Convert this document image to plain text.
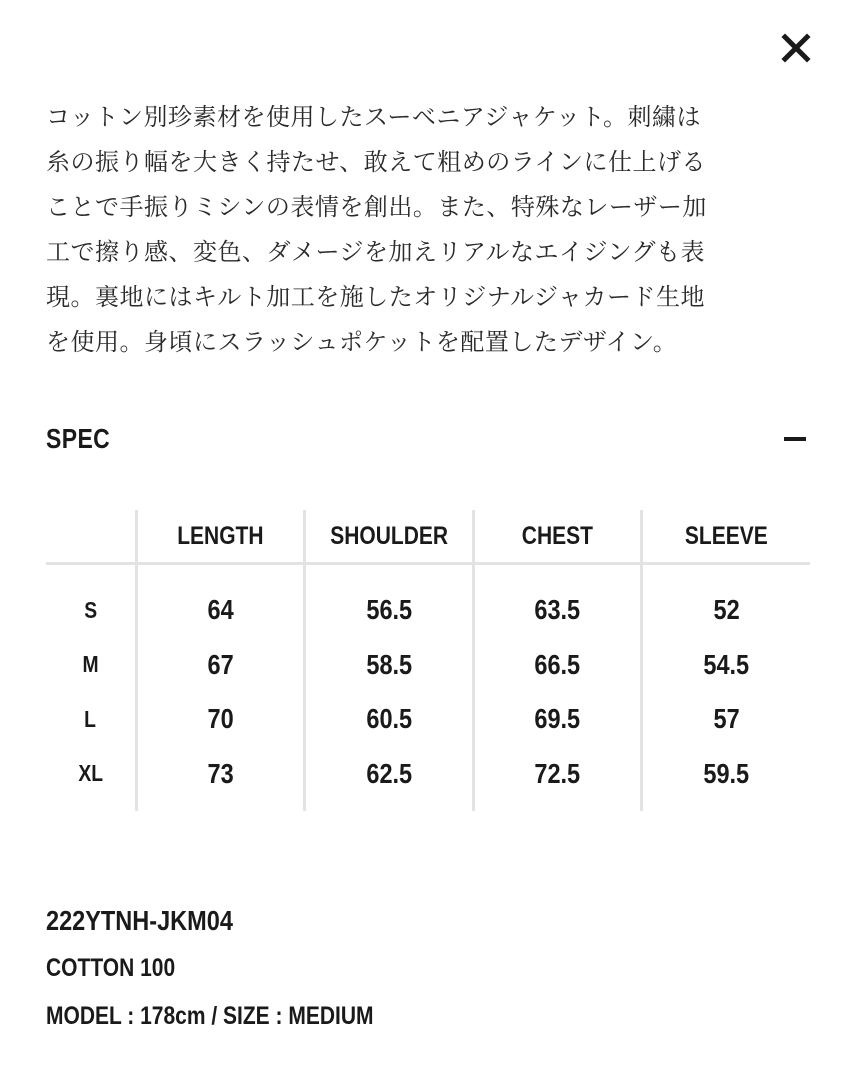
コットン別珍素材を使用したスーベニアジャケット。刺繍は
糸の振り幅を大きく持たせ、敢えて粗めのラインに仕上げる
ことで手振りミシンの表情を創出。また、特殊なレーザー加
工で擦り感、変色、ダメージを加えリアルなエイジングも表
現。裏地にはキルト加工を施したオリジナルジャカード生地
を使用。身頃にスラッシュポケットを配置したデザイン。
SPEC
	LENGTH	SHOULDER	CHEST	SLEEVE
S	64	56.5	63.5	52
M	67	58.5	66.5	54.5
L	70	60.5	69.5	57
XL	73	62.5	72.5	59.5
222YTNH-JKM04
COTTON 100
MODEL : 178cm / SIZE : MEDIUM
